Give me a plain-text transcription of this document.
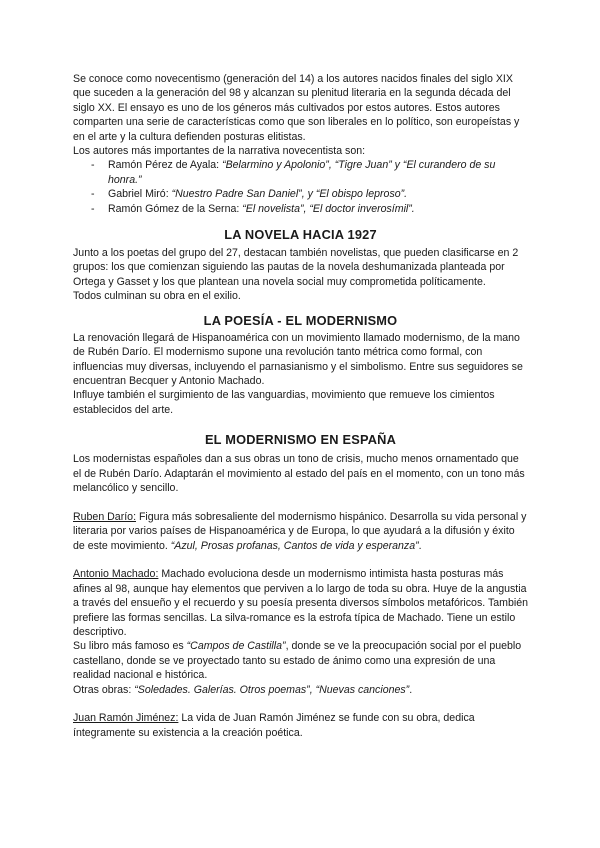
Se conoce como novecentismo (generación del 14) a los autores nacidos finales del siglo XIX que suceden a la generación del 98 y alcanzan su plenitud literaria en la segunda década del siglo XX. El ensayo es uno de los géneros más cultivados por estos autores. Estos autores comparten una serie de características como que son liberales en lo político, son europeístas y en el arte y la cultura defienden posturas elitistas.

Los autores más importantes de la narrativa novecentista son:

- Ramón Pérez de Ayala: “Belarmino y Apolonio”, “Tigre Juan” y “El curandero de su honra.”
- Gabriel Miró: “Nuestro Padre San Daniel”, y “El obispo leproso”.
- Ramón Gómez de la Serna: “El novelista”, “El doctor inverosímil”.
LA NOVELA HACIA 1927

Junto a los poetas del grupo del 27, destacan también novelistas, que pueden clasificarse en 2 grupos: los que comienzan siguiendo las pautas de la novela deshumanizada planteada por Ortega y Gasset y los que plantean una novela social muy comprometida políticamente.

Todos culminan su obra en el exilio.

LA POESÍA - EL MODERNISMO

La renovación llegará de Hispanoamérica con un movimiento llamado modernismo, de la mano de Rubén Darío. El modernismo supone una revolución tanto métrica como formal, con influencias muy diversas, incluyendo el parnasianismo y el simbolismo. Entre sus seguidores se encuentran Becquer y Antonio Machado.

Influye también el surgimiento de las vanguardias, movimiento que remueve los cimientos establecidos del arte.

EL MODERNISMO EN ESPAÑA

Los modernistas españoles dan a sus obras un tono de crisis, mucho menos ornamentado que el de Rubén Darío. Adaptarán el movimiento al estado del país en el momento, con un tono más melancólico y sencillo.

Ruben Darío: Figura más sobresaliente del modernismo hispánico. Desarrolla su vida personal y literaria por varios países de Hispanoamérica y de Europa, lo que ayudará a la difusión y éxito de este movimiento. “Azul, Prosas profanas, Cantos de vida y esperanza”.

Antonio Machado: Machado evoluciona desde un modernismo intimista hasta posturas más afines al 98, aunque hay elementos que perviven a lo largo de toda su obra. Huye de la angustia a través del ensueño y el recuerdo y su poesía presenta diversos símbolos metafóricos. También prefiere las formas sencillas. La silva-romance es la estrofa típica de Machado. Tiene un estilo descriptivo.

Su libro más famoso es “Campos de Castilla”, donde se ve la preocupación social por el pueblo castellano, donde se ve proyectado tanto su estado de ánimo como una expresión de una realidad nacional e histórica.

Otras obras: “Soledades. Galerías. Otros poemas”, “Nuevas canciones”.

Juan Ramón Jiménez: La vida de Juan Ramón Jiménez se funde con su obra, dedica íntegramente su existencia a la creación poética.
